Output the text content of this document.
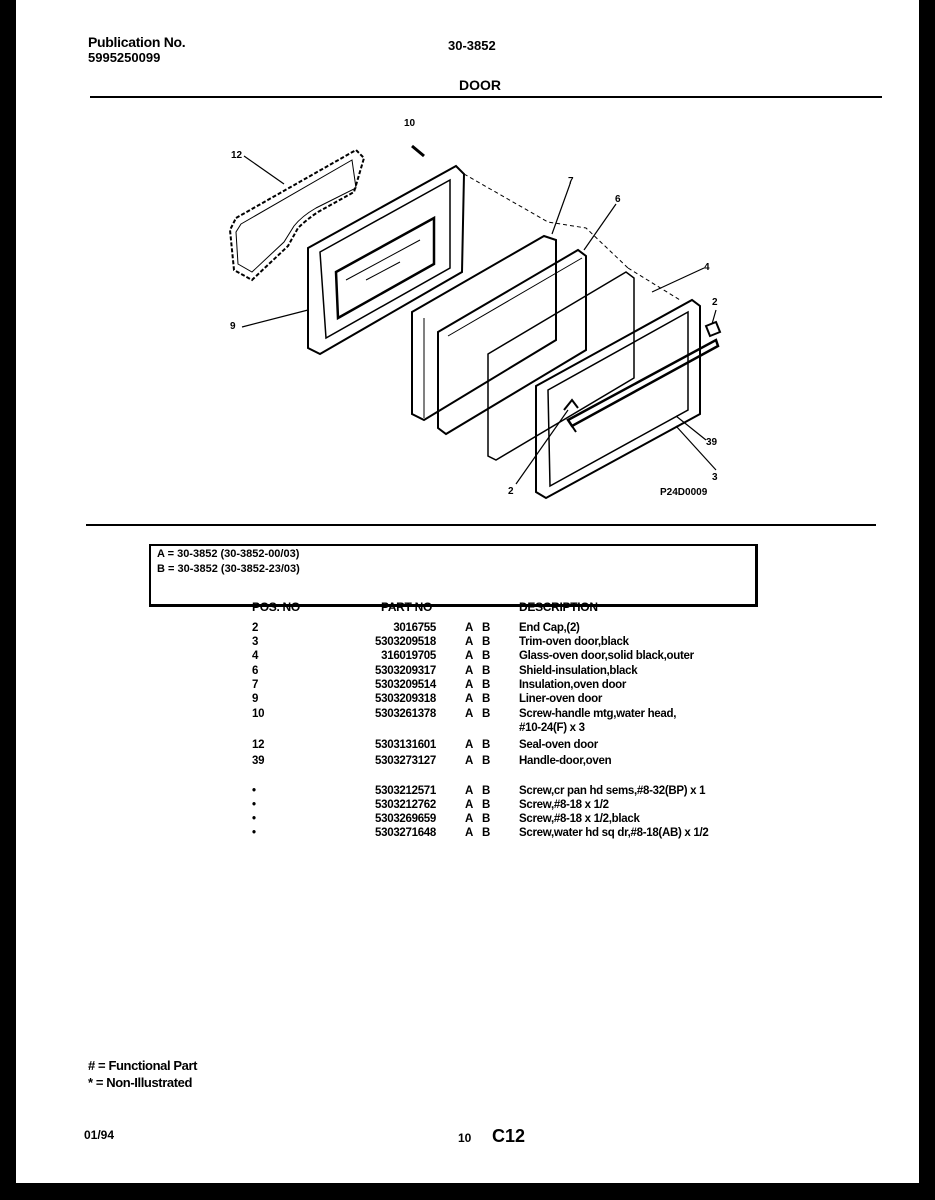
Publication No.
5995250099
30-3852
DOOR
10
12
7
6
4
2
9
39
3
2	P24D0009
A = 30-3852 (30-3852-00/03)
B = 30-3852 (30-3852-23/03)
POS. NO	PART NO	DESCRIPTION
2	3016755	A B	End Cap,(2)
3	5303209518	A B	Trim-oven door,black
4	316019705	A B	Glass-oven door,solid black,outer
6	5303209317	A B	Shield-insulation,black
7	5303209514	A B	Insulation,oven door
9	5303209318	A B	Liner-oven door
10	5303261378	A B	Screw-handle mtg,water head,
#10-24(F) x 3
12	5303131601	A B	Seal-oven door
39	5303273127	A B	Handle-door,oven
•	5303212571	A B	Screw,cr pan hd sems,#8-32(BP) x 1
•	5303212762	A B	Screw,#8-18 x 1/2
•	5303269659	A B	Screw,#8-18 x 1/2,black
•	5303271648	A B	Screw,water hd sq dr,#8-18(AB) x 1/2
# = Functional Part
* = Non-Illustrated
01/94	10 C12
